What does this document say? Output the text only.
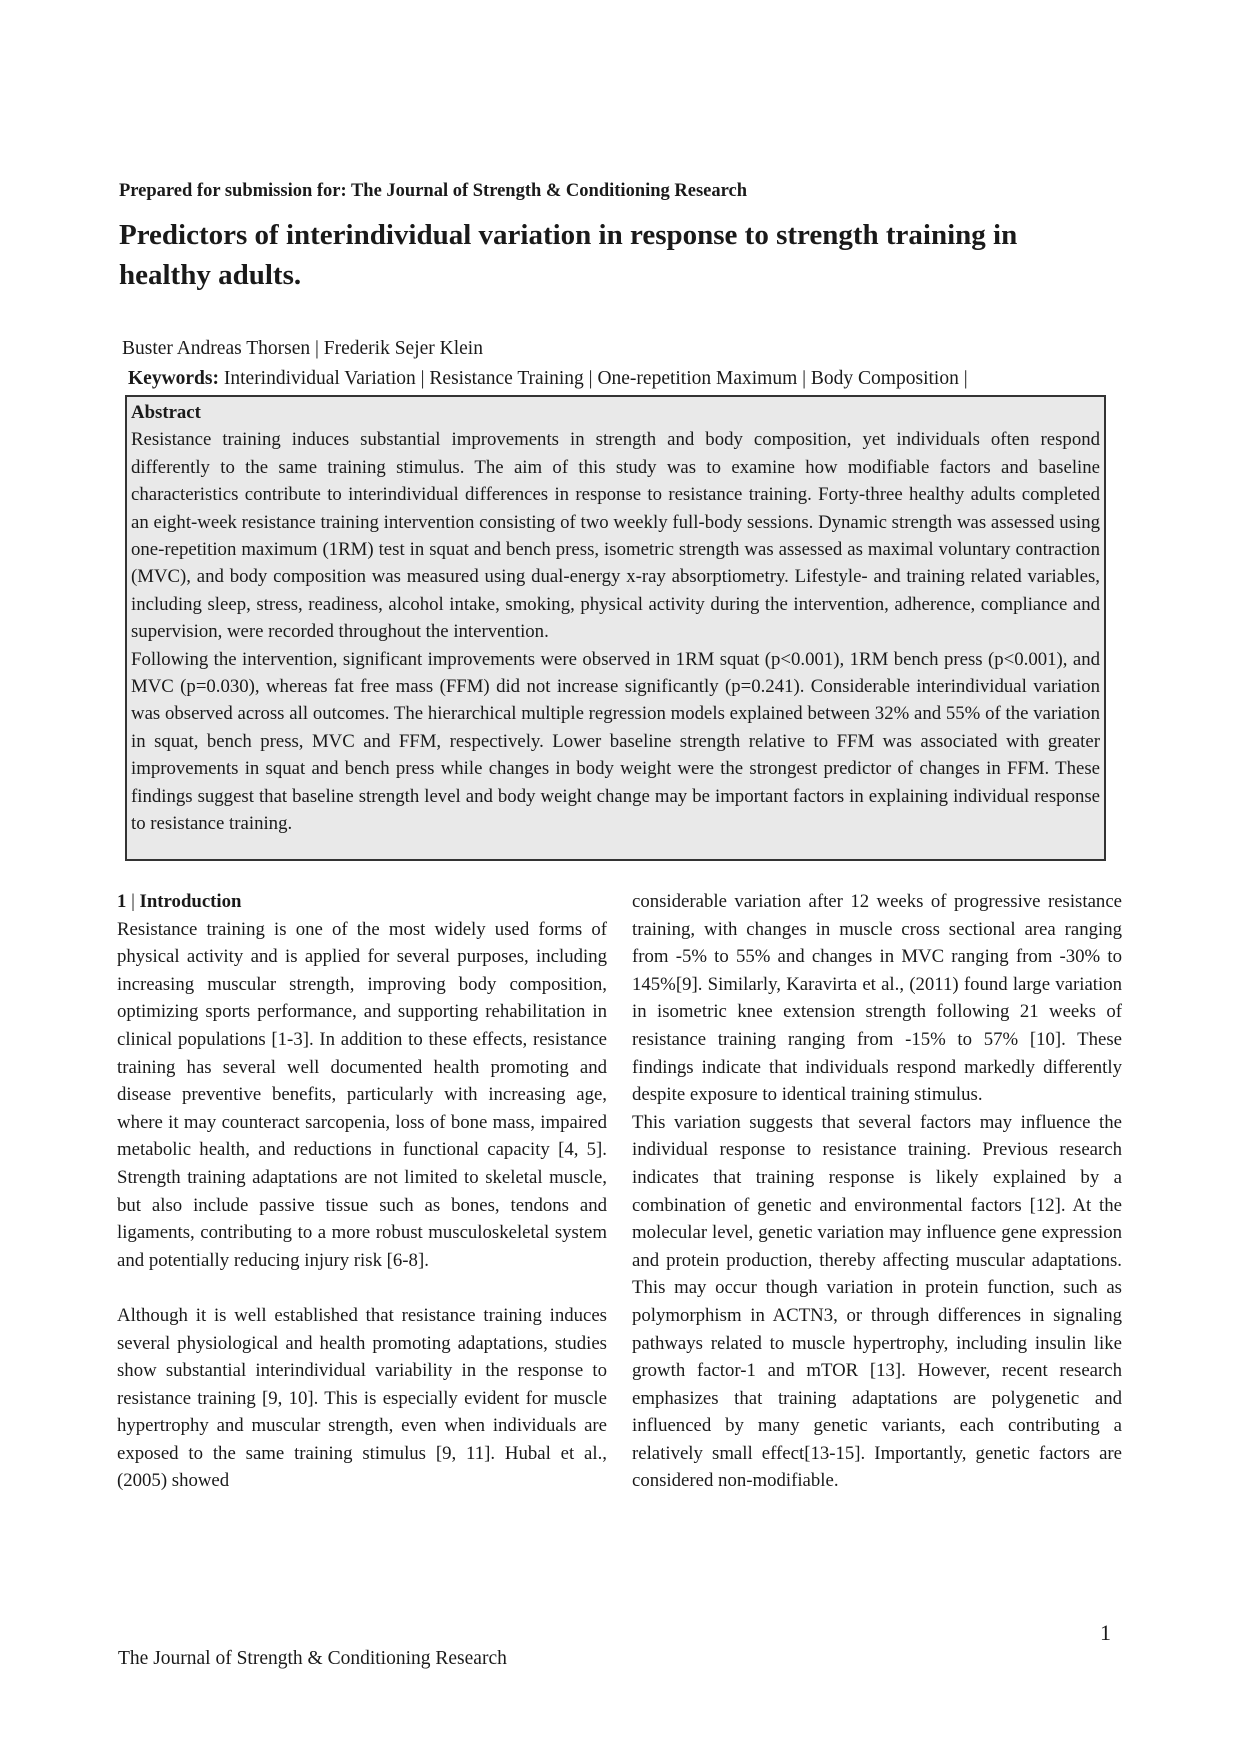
Prepared for submission for: The Journal of Strength & Conditioning Research
Predictors of interindividual variation in response to strength training in healthy adults.
Buster Andreas Thorsen | Frederik Sejer Klein
Keywords: Interindividual Variation | Resistance Training | One-repetition Maximum | Body Composition |
Abstract

Resistance training induces substantial improvements in strength and body composition, yet individuals often respond differently to the same training stimulus. The aim of this study was to examine how modifiable factors and baseline characteristics contribute to interindividual differences in response to resistance training. Forty-three healthy adults completed an eight-week resistance training intervention consisting of two weekly full-body sessions. Dynamic strength was assessed using one-repetition maximum (1RM) test in squat and bench press, isometric strength was assessed as maximal voluntary contraction (MVC), and body composition was measured using dual-energy x-ray absorptiometry. Lifestyle- and training related variables, including sleep, stress, readiness, alcohol intake, smoking, physical activity during the intervention, adherence, compliance and supervision, were recorded throughout the intervention.

Following the intervention, significant improvements were observed in 1RM squat (p<0.001), 1RM bench press (p<0.001), and MVC (p=0.030), whereas fat free mass (FFM) did not increase significantly (p=0.241). Considerable interindividual variation was observed across all outcomes. The hierarchical multiple regression models explained between 32% and 55% of the variation in squat, bench press, MVC and FFM, respectively. Lower baseline strength relative to FFM was associated with greater improvements in squat and bench press while changes in body weight were the strongest predictor of changes in FFM. These findings suggest that baseline strength level and body weight change may be important factors in explaining individual response to resistance training.

1 | Introduction

Resistance training is one of the most widely used forms of physical activity and is applied for several purposes, including increasing muscular strength, improving body composition, optimizing sports performance, and supporting rehabilitation in clinical populations [1-3]. In addition to these effects, resistance training has several well documented health promoting and disease preventive benefits, particularly with increasing age, where it may counteract sarcopenia, loss of bone mass, impaired metabolic health, and reductions in functional capacity [4, 5]. Strength training adaptations are not limited to skeletal muscle, but also include passive tissue such as bones, tendons and ligaments, contributing to a more robust musculoskeletal system and potentially reducing injury risk [6-8].

Although it is well established that resistance training induces several physiological and health promoting adaptations, studies show substantial interindividual variability in the response to resistance training [9, 10]. This is especially evident for muscle hypertrophy and muscular strength, even when individuals are exposed to the same training stimulus [9, 11]. Hubal et al., (2005) showed

considerable variation after 12 weeks of progressive resistance training, with changes in muscle cross sectional area ranging from -5% to 55% and changes in MVC ranging from -30% to 145%[9]. Similarly, Karavirta et al., (2011) found large variation in isometric knee extension strength following 21 weeks of resistance training ranging from -15% to 57% [10]. These findings indicate that individuals respond markedly differently despite exposure to identical training stimulus.

This variation suggests that several factors may influence the individual response to resistance training. Previous research indicates that training response is likely explained by a combination of genetic and environmental factors [12]. At the molecular level, genetic variation may influence gene expression and protein production, thereby affecting muscular adaptations. This may occur though variation in protein function, such as polymorphism in ACTN3, or through differences in signaling pathways related to muscle hypertrophy, including insulin like growth factor-1 and mTOR [13]. However, recent research emphasizes that training adaptations are polygenetic and influenced by many genetic variants, each contributing a relatively small effect[13-15]. Importantly, genetic factors are considered non-modifiable.

1
The Journal of Strength & Conditioning Research
